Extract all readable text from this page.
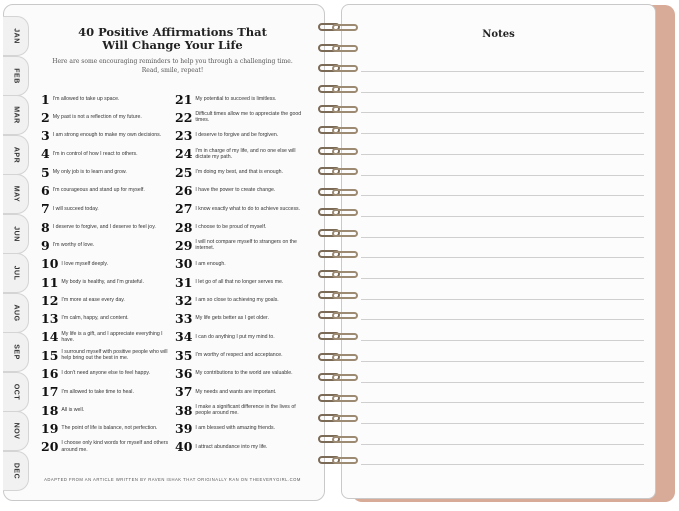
JAN
FEB
MAR
APR
MAY
JUN
JUL
AUG
SEP
OCT
NOV
DEC
40 Positive Affirmations That
Will Change Your Life
Here are some encouraging reminders to help you through a challenging time.
Read, smile, repeat!
1 I'm allowed to take up space.
2 My past is not a reflection of my future.
3 I am strong enough to make my own decisions.
4 I'm in control of how I react to others.
5 My only job is to learn and grow.
6 I'm courageous and stand up for myself.
7 I will succeed today.
8 I deserve to forgive, and I deserve to feel joy.
9 I'm worthy of love.
10 I love myself deeply.
11 My body is healthy, and I'm grateful.
12 I'm more at ease every day.
13 I'm calm, happy, and content.
14 My life is a gift, and I appreciate everything I have.
15 I surround myself with positive people who will help bring out the best in me.
16 I don't need anyone else to feel happy.
17 I'm allowed to take time to heal.
18 All is well.
19 The point of life is balance, not perfection.
20 I choose only kind words for myself and others around me.
21 My potential to succeed is limitless.
22 Difficult times allow me to appreciate the good times.
23 I deserve to forgive and be forgiven.
24 I'm in charge of my life, and no one else will dictate my path.
25 I'm doing my best, and that is enough.
26 I have the power to create change.
27 I know exactly what to do to achieve success.
28 I choose to be proud of myself.
29 I will not compare myself to strangers on the internet.
30 I am enough.
31 I let go of all that no longer serves me.
32 I am so close to achieving my goals.
33 My life gets better as I get older.
34 I can do anything I put my mind to.
35 I'm worthy of respect and acceptance.
36 My contributions to the world are valuable.
37 My needs and wants are important.
38 I make a significant difference in the lives of people around me.
39 I am blessed with amazing friends.
40 I attract abundance into my life.
ADAPTED FROM AN ARTICLE WRITTEN BY RAVEN ISHAK THAT ORIGINALLY RAN ON THEEVERYGIRL.COM
Notes
